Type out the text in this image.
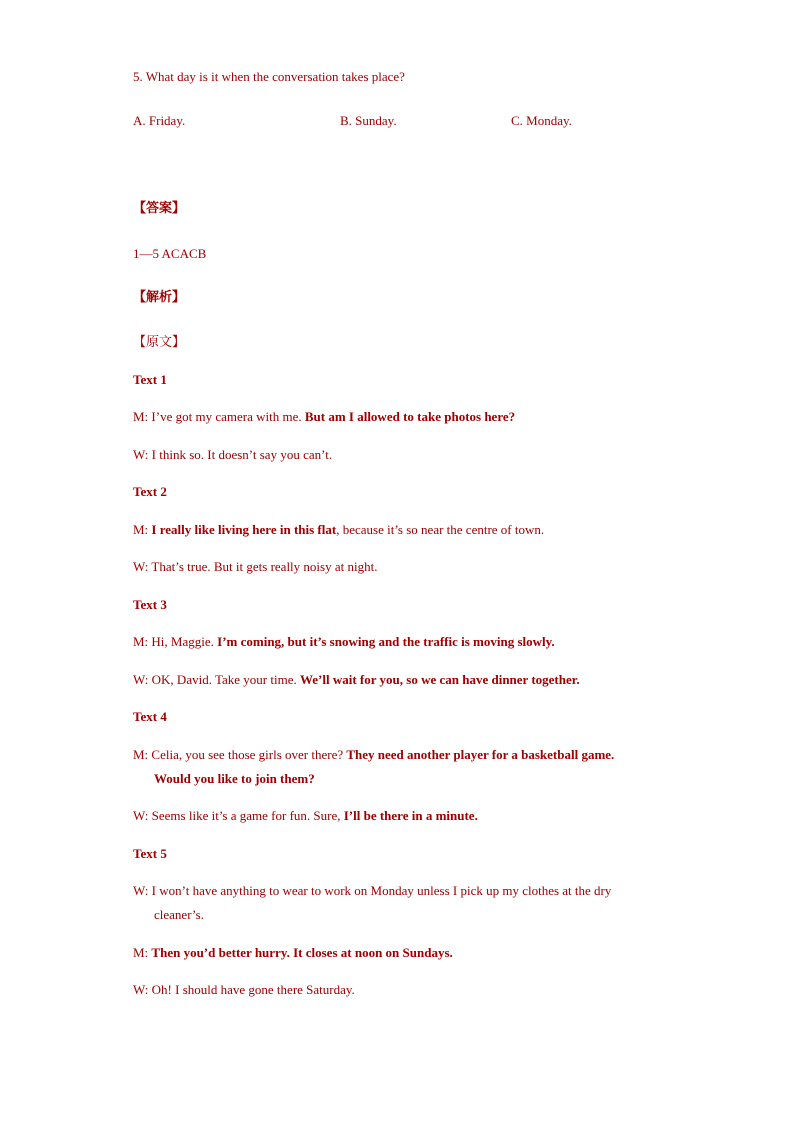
5. What day is it when the conversation takes place?
A. Friday.	B. Sunday.	C. Monday.
【答案】
1—5 ACACB
【解析】
【原文】
Text 1
M: I’ve got my camera with me. But am I allowed to take photos here?
W: I think so. It doesn’t say you can’t.
Text 2
M: I really like living here in this flat, because it’s so near the centre of town.
W: That’s true. But it gets really noisy at night.
Text 3
M: Hi, Maggie. I’m coming, but it’s snowing and the traffic is moving slowly.
W: OK, David. Take your time. We’ll wait for you, so we can have dinner together.
Text 4
M: Celia, you see those girls over there? They need another player for a basketball game.
Would you like to join them?
W: Seems like it’s a game for fun. Sure, I’ll be there in a minute.
Text 5
W: I won’t have anything to wear to work on Monday unless I pick up my clothes at the dry
cleaner’s.
M: Then you’d better hurry. It closes at noon on Sundays.
W: Oh! I should have gone there Saturday.
